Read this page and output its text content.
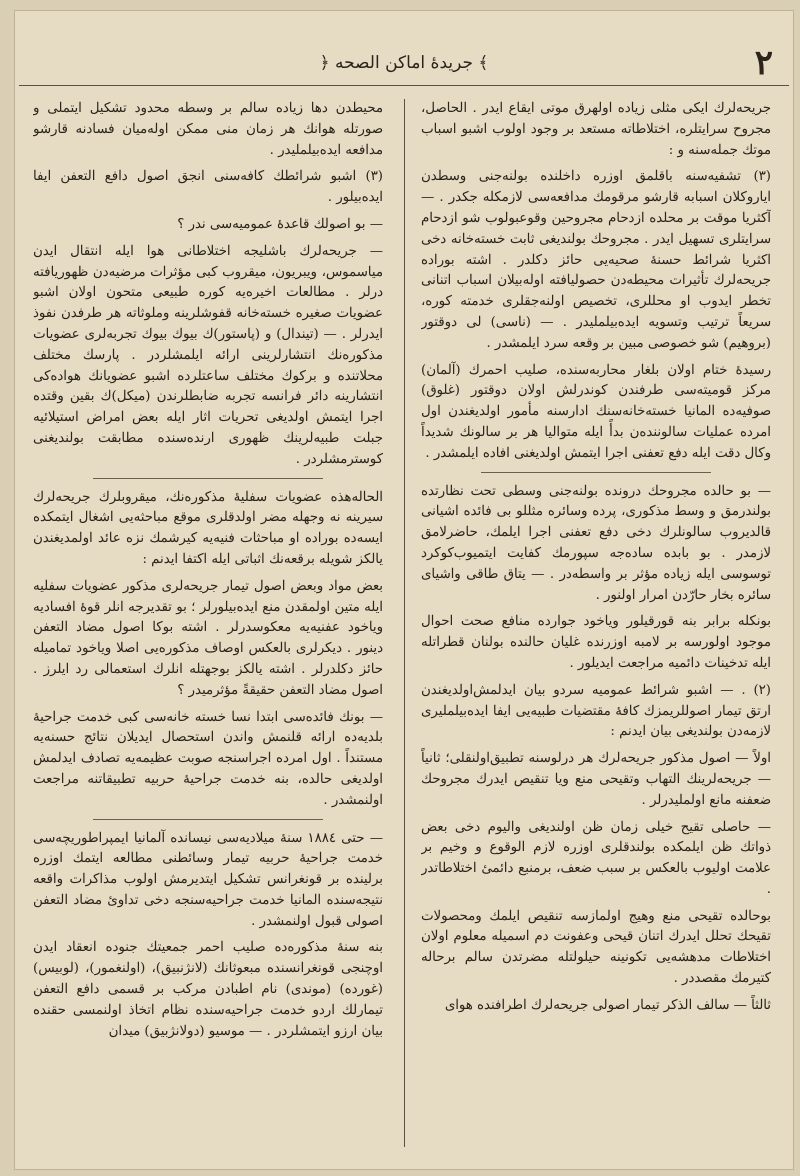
٢
﴿ جريدهٔ اماكن الصحه ﴾

جريحه‌لرك ايكى مثلى زياده اولهرق موتى ايقاع ايدر . الحاصل، مجروح سرايتلره، اختلاطاته مستعد بر وجود اولوب اشبو اسباب موتك جمله‌سنه و :

(٣) تشفيه‌سنه باقلمق اوزره داخلنده بولنه‌جنى وسطدن اياروكلان اسبابه قارشو مرقومك مدافعه‌سى لازمكله جكدر . — آكثريا موقت بر محلده ازدحام مجروحين وقوعبولوب شو ازدحام سرايتلرى تسهيل ايدر . مجروحك بولنديغى ثابت خسته‌خانه دخى اكثريا شرائط حسنهٔ صحيه‌يى حائز دكلدر . اشته بوراده جريحه‌لرك تأثيرات محيطه‌دن حصوليافته اوله‌بيلان اسباب اتنانى تخطر ايدوب او محللرى، تخصيص اولنه‌جقلرى خدمته كوره، سريعاً ترتيب وتسويه ايده‌بيلمليدر . — (ناسى) لى دوقتور (بروهيم) شو خصوصى مبين بر وقعه سرد ايلمشدر .

رسيدهٔ ختام اولان بلغار محاربه‌سنده، صليب احمرك (آلمان) مركز قوميته‌سى طرفندن كوندرلش اولان دوقتور (غلوق) صوفيه‌ده المانيا خسته‌خانه‌سنك ادارسنه مأمور اولديغندن اول امرده عمليات سالوننده‌ن بدأً ايله متواليا هر بر سالونك شديداً وكال دقت ايله دفع تعفنى اجرا ايتمش اولديغنى افاده ايلمشدر .

— بو حالده مجروحك درونده بولنه‌جنى وسطى تحت نظارتده بولندرمق و وسط مذكورى، پرده وسائره مثللو بى فائده اشيانى قالديروب سالونلرك دخى دفع تعفنى اجرا ايلمك، حاضرلامق لازمدر . بو بابده ساده‌جه سپورمك كفايت ايتميوب‌كوكرد توسوسى ايله زياده مؤثر بر واسطه‌در . — يتاق طاقى واشياى سائره بخار حارّدن امرار اولنور .

بونكله برابر بنه قورقيلور وياخود جوارده منافع صحت احوال موجود اولورسه بر لامبه اوزرنده غليان حالنده بولنان قطراتله ايله تدخينات دائميه مراجعت ايديلور .

(٢) . — اشبو شرائط عموميه سردو بيان ايدلمش‌اولديغندن ارتق تيمار اصوللريمزك كافهٔ مقتضيات طبيه‌يى ايفا ايده‌بيلمليرى لازمه‌دن بولنديغى بيان ايدنم :

اولاً — اصول مذكور جريحه‌لرك هر درلوسنه تطبيق‌اولنقلى؛ ثانياً — جريحه‌لرينك التهاب وتقيحى منع ويا تنقيص ايدرك مجروحك ضعفنه مانع اولمليدرلر .

— حاصلى تقيح خيلى زمان ظن اولنديغى واليوم دخى بعض ذواتك ظن ايلمكده بولندقلرى اوزره لازم الوقوع و وخيم بر علامت اوليوب بالعكس بر سبب ضعف، برمنبع دائمىٔ اختلاطاتدر .

بوحالده تقيحى منع وهيج اولمازسه تنقيص ايلمك ومحصولات تقيحك تحلل ايدرك اتنان قيحى وعفونت دم اسميله معلوم اولان اختلاطات مدهشه‌يى تكونينه حيلولتله مضرتدن سالم برحاله كتيرمك مقصد‌در .

ثالثاً — سالف الذكر تيمار اصولى جريحه‌لرك اطرافنده هواى

محيطدن دها زياده سالم بر وسطه محدود تشكيل ايتملى و صورتله هوانك هر زمان منى ممكن اوله‌ميان فسادنه قارشو مدافعه ايده‌بيلمليدر .

(٣) اشبو شرائطك كافه‌سنى انجق اصول دافع التعفن ايفا ايده‌بيلور .

— بو اصولك قاعدهٔ عموميه‌سى ندر ؟

— جريحه‌لرك باشليجه اختلاطانى هوا ايله انتقال ايدن مياسموس، ويبريون، ميقروب كبى مؤثرات مرضيه‌دن ظهوريافته درلر . مطالعات اخيره‌يه كوره طبيعى متحون اولان اشبو عضويات صغيره خسته‌خانه قفوشلرينه وملوثاته هر طرفدن نفوذ ايدرلر . — (تيندال) و (پاستور)ك بيوك بيوك تجربه‌لرى عضويات مذكوره‌نك انتشارلرينى ارائه ايلمشلردر . پارسك مختلف محلاتنده و بركوك مختلف ساعتلرده اشبو عضويانك هواده‌كى انتشارينه دائر فرانسه تجربه ضابطلرندن (ميكل)ك بقين وقتده اجرا ايتمش اولديغى تحريات اثار ايله بعض امراض استيلائيه جبلت طبيه‌لرينك ظهورى ارنده‌سنده مطابقت بولنديغنى كوسترمشلردر .

الحاله‌هذه عضويات سفليهٔ مذكوره‌نك، ميقروبلرك جريحه‌لرك سيرينه نه وجهله مضر اولدقلرى موقع مباحثه‌يى اشغال ايتمكده ايسه‌ده بوراده او مباحثات فنيه‌يه كيرشمك نزه عائد اولمديغندن يالكز شويله برقعه‌نك اثباتى ايله اكتفا ايدنم :

بعض مواد وبعض اصول تيمار جريحه‌لرى مذكور عضويات سفليه ايله متين اولمقدن منع ايده‌بيلورلر ؛ بو تقديرجه انلر قوهٔ افساديه وياخود عفنيه‌يه معكوسدرلر . اشته بوكا اصول مضاد التعفن دينور . ديكرلرى بالعكس اوصاف مذكوره‌يى اصلا وياخود تماميله حائز دكلدرلر . اشته يالكز بوجهتله انلرك استعمالى رد ايلرز . اصول مضاد التعفن حقيقةً مؤثرميدر ؟

— بونك فائده‌سى ابتدا نسا خسته خانه‌سى كبى خدمت جراحيهٔ بلديه‌ده ارائه قلنمش واندن استحصال ايديلان نتائج حسنه‌يه مستنداً . اول امرده اجراسنجه صوبت عظيمه‌يه تصادف ايدلمش اولديغى حالده، بنه خدمت جراحيهٔ حربيه تطبيقاتنه مراجعت اولنمشدر .

— حتى ١٨٨٤ سنهٔ ميلاديه‌سى نيسانده آلمانيا ايمپراطوريچه‌سى خدمت جراحيهٔ حربيه تيمار وسائطنى مطالعه ايتمك اوزره برلينده بر قونغرانس تشكيل ايتديرمش اولوب مذاكرات واقعه نتيجه‌سنده المانيا خدمت جراحيه‌سنجه دخى تداوىٔ مضاد التعفن اصولى قبول اولنمشدر .

بنه سنهٔ مذكوره‌ده صليب احمر جمعيتك جنوده انعقاد ايدن اوچنجى قونغرانسنده مبعوثانك (لانژنبيق)، (اولنغمور)، (لوبيس) (غورده) (موندى) نام اطبادن مركب بر قسمى دافع التعفن تيمارلك اردو خدمت جراحيه‌سنده نظام اتخاذ اولنمسى حقنده بيان ارزو ايتمشلردر . — موسيو (دولانژبيق) ميدان
